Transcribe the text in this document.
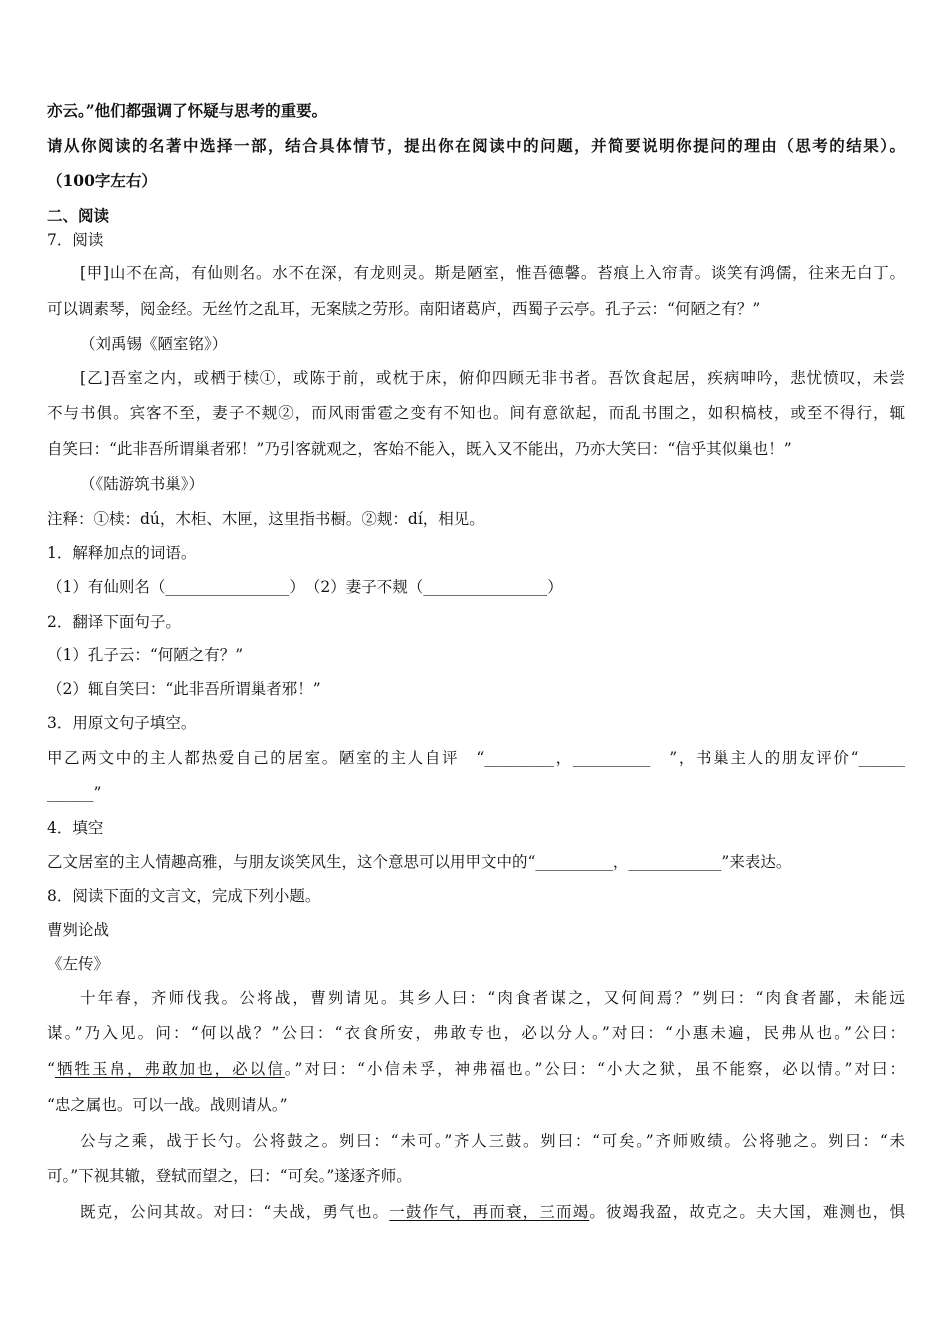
亦云。”他们都强调了怀疑与思考的重要。
请从你阅读的名著中选择一部，结合具体情节，提出你在阅读中的问题，并简要说明你提问的理由（思考的结果）。
（100字左右）
二、阅读
7．阅读
[甲]山不在高，有仙则名。水不在深，有龙则灵。斯是陋室，惟吾德馨。苔痕上入帘青。谈笑有鸿儒，往来无白丁。
可以调素琴，阅金经。无丝竹之乱耳，无案牍之劳形。南阳诸葛庐，西蜀子云亭。孔子云：“何陋之有？”
（刘禹锡《陋室铭》）
[乙]吾室之内，或栖于椟①，或陈于前，或枕于床，俯仰四顾无非书者。吾饮食起居，疾病呻吟，悲忧愤叹，未尝
不与书俱。宾客不至，妻子不觌②，而风雨雷雹之变有不知也。间有意欲起，而乱书围之，如积槁枝，或至不得行，辄
自笑曰：“此非吾所谓巢者邪！”乃引客就观之，客始不能入，既入又不能出，乃亦大笑曰：“信乎其似巢也！”
（《陆游筑书巢》）
注释：①椟：dú，木柜、木匣，这里指书橱。②觌：dí，相见。
1．解释加点的词语。
（1）有仙则名（________________）　（2）妻子不觌（________________）
2．翻译下面句子。
（1）孔子云：“何陋之有？”
（2）辄自笑曰：“此非吾所谓巢者邪！”
3．用原文句子填空。
甲乙两文中的主人都热爱自己的居室。陋室的主人自评　“_________，__________　”，书巢主人的朋友评价“______
______”
4．填空
乙文居室的主人情趣高雅，与朋友谈笑风生，这个意思可以用甲文中的“__________，____________”来表达。
8．阅读下面的文言文，完成下列小题。
曹刿论战
《左传》
十年春，齐师伐我。公将战，曹刿请见。其乡人曰：“肉食者谋之，又何间焉？”刿曰：“肉食者鄙，未能远
谋。”乃入见。问：“何以战？”公曰：“衣食所安，弗敢专也，必以分人。”对曰：“小惠未遍，民弗从也。”公曰：
“牺牲玉帛，弗敢加也，必以信。”对曰：“小信未孚，神弗福也。”公曰：“小大之狱，虽不能察，必以情。”对曰：
“忠之属也。可以一战。战则请从。”
公与之乘，战于长勺。公将鼓之。刿曰：“未可。”齐人三鼓。刿曰：“可矣。”齐师败绩。公将驰之。刿曰：“未
可。”下视其辙，登轼而望之，曰：“可矣。”遂逐齐师。
既克，公问其故。对曰：“夫战，勇气也。一鼓作气，再而衰，三而竭。彼竭我盈，故克之。夫大国，难测也，惧
